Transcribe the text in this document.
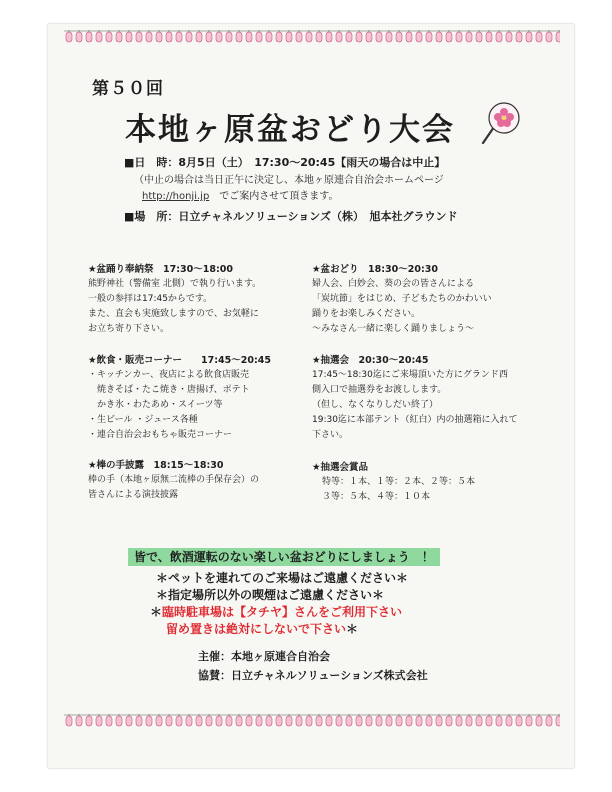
第５０回
本地ヶ原盆おどり大会
■日　時：8月5日（土）　17:30～20:45【雨天の場合は中止】
（中止の場合は当日正午に決定し、本地ヶ原連合自治会ホームページ
http://honji.jp　 でご案内させて頂きます。
■場　所：日立チャネルソリューションズ（株）　旭本社グラウンド
★盆踊り奉納祭　17:30～18:00
熊野神社（警備室 北側）で執り行います。
一般の参拝は17:45からです。
また、直会も実施致しますので、お気軽に
お立ち寄り下さい。
★飲食・販売コーナー　　17:45～20:45
・キッチンカー、夜店による飲食店販売
　焼きそば・たこ焼き・唐揚げ、ポテト
　かき氷・わたあめ・スイーツ等
・生ビール ・ジュース各種
・連合自治会おもちゃ販売コーナー
★棒の手披露　18:15～18:30
棒の手（本地ヶ原無二流棒の手保存会）の
皆さんによる演技披露
★盆おどり　18:30～20:30
婦人会、白妙会、葵の会の皆さんによる
「炭坑節」をはじめ、子どもたちのかわいい
踊りをお楽しみください。
～みなさん一緒に楽しく踊りましょう～
★抽選会　20:30～20:45
17:45～18:30迄にご来場頂いた方にグランド西
側入口で抽選券をお渡しします。
（但し、なくなりしだい終了）
19:30迄に本部テント（紅白）内の抽選箱に入れて
下さい。
★抽選会賞品
特等：１本、１等：２本、２等：５本
３等：５本、４等：１０本
皆で、飲酒運転のない楽しい盆おどりにしましょう　！
＊ペットを連れてのご来場はご遠慮ください＊
＊指定場所以外の喫煙はご遠慮ください＊
＊臨時駐車場は【タチヤ】さんをご利用下さい
留め置きは絶対にしないで下さい＊
主催：本地ヶ原連合自治会
協賛：日立チャネルソリューションズ株式会社
